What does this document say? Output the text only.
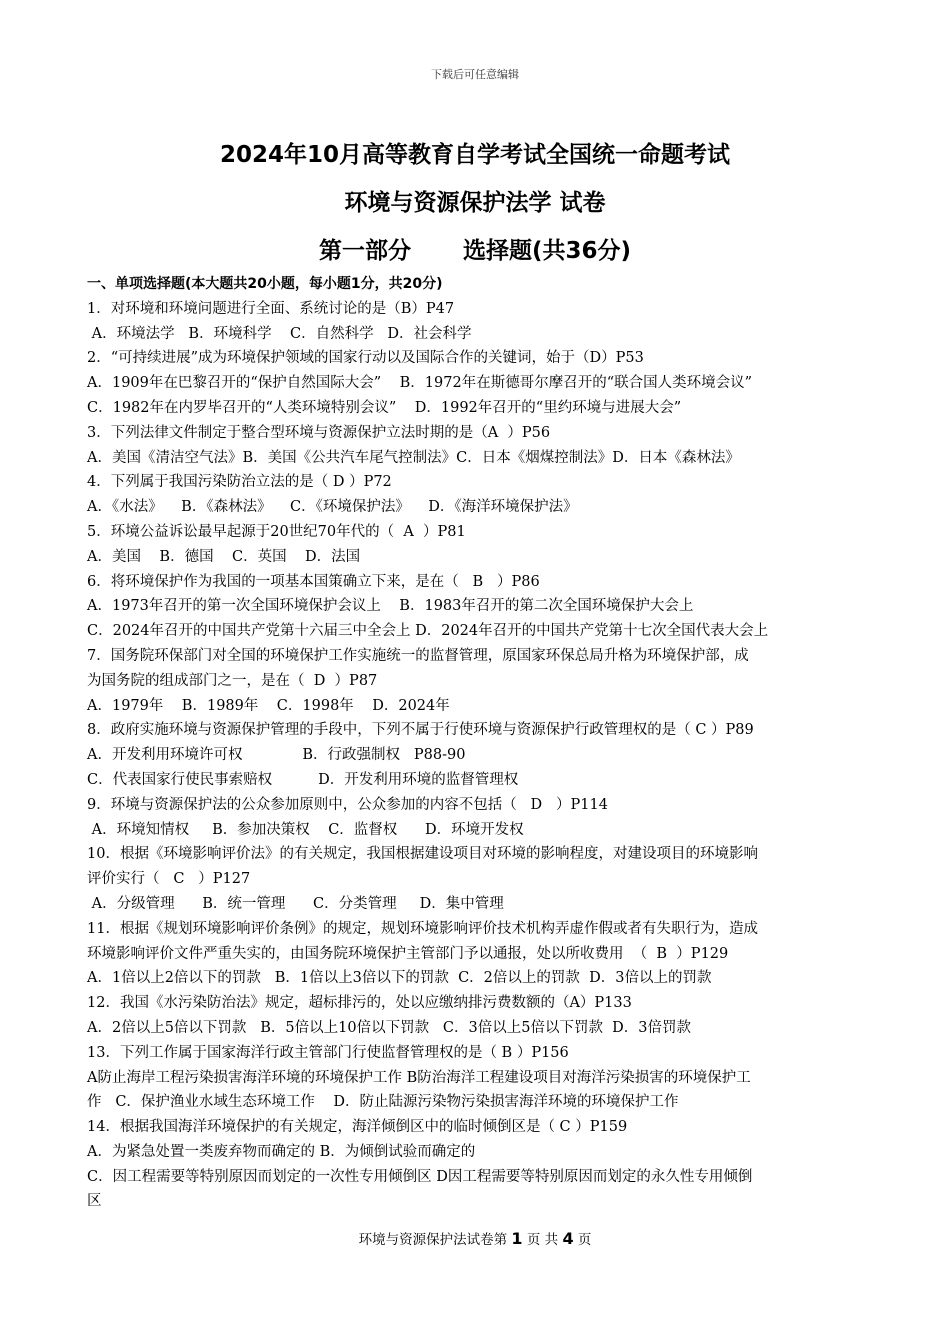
下载后可任意编辑
2024年10月高等教育自学考试全国统一命题考试
环境与资源保护法学 试卷
第一部分 选择题(共36分)
一、单项选择题(本大题共20小题，每小题1分，共20分)
1．对环境和环境问题进行全面、系统讨论的是（B）P47
A．环境法学   B．环境科学    C．自然科学   D．社会科学
2．“可持续进展”成为环境保护领域的国家行动以及国际合作的关键词，始于（D）P53
A．1909年在巴黎召开的“保护自然国际大会”    B．1972年在斯德哥尔摩召开的“联合国人类环境会议”
C．1982年在内罗毕召开的“人类环境特别会议”    D．1992年召开的“里约环境与进展大会”
3．下列法律文件制定于整合型环境与资源保护立法时期的是（A  ）P56
A．美国《清洁空气法》B．美国《公共汽车尾气控制法》C．日本《烟煤控制法》D．日本《森林法》
4．下列属于我国污染防治立法的是（ D ）P72
A．《水法》    B．《森林法》    C．《环境保护法》    D．《海洋环境保护法》
5．环境公益诉讼最早起源于20世纪70年代的（  A  ）P81
A．美国    B．德国    C．英国    D．法国
6．将环境保护作为我国的一项基本国策确立下来，是在（   B   ）P86
A．1973年召开的第一次全国环境保护会议上    B．1983年召开的第二次全国环境保护大会上
C．2024年召开的中国共产党第十六届三中全会上 D．2024年召开的中国共产党第十七次全国代表大会上
7．国务院环保部门对全国的环境保护工作实施统一的监督管理，原国家环保总局升格为环境保护部，成
为国务院的组成部门之一，是在（  D  ）P87
A．1979年    B．1989年    C．1998年    D．2024年
8．政府实施环境与资源保护管理的手段中，下列不属于行使环境与资源保护行政管理权的是（ C ）P89
A．开发利用环境许可权             B．行政强制权   P88-90
C．代表国家行使民事索赔权          D．开发利用环境的监督管理权
9．环境与资源保护法的公众参加原则中，公众参加的内容不包括（   D   ）P114
A．环境知情权     B．参加决策权    C．监督权      D．环境开发权
10．根据《环境影响评价法》的有关规定，我国根据建设项目对环境的影响程度，对建设项目的环境影响
评价实行（   C   ）P127
A．分级管理      B．统一管理      C．分类管理     D．集中管理
11．根据《规划环境影响评价条例》的规定，规划环境影响评价技术机构弄虚作假或者有失职行为，造成
环境影响评价文件严重失实的，由国务院环境保护主管部门予以通报，处以所收费用  （  B  ）P129
A．1倍以上2倍以下的罚款   B．1倍以上3倍以下的罚款  C．2倍以上的罚款  D．3倍以上的罚款
12．我国《水污染防治法》规定，超标排污的，处以应缴纳排污费数额的（A）P133
A．2倍以上5倍以下罚款   B．5倍以上10倍以下罚款   C．3倍以上5倍以下罚款  D．3倍罚款
13．下列工作属于国家海洋行政主管部门行使监督管理权的是（ B ）P156
A防止海岸工程污染损害海洋环境的环境保护工作 B防治海洋工程建设项目对海洋污染损害的环境保护工
作   C．保护渔业水域生态环境工作    D．防止陆源污染物污染损害海洋环境的环境保护工作
14．根据我国海洋环境保护的有关规定，海洋倾倒区中的临时倾倒区是（ C ）P159
A．为紧急处置一类废弃物而确定的 B．为倾倒试验而确定的
C．因工程需要等特别原因而划定的一次性专用倾倒区 D因工程需要等特别原因而划定的永久性专用倾倒
区
环境与资源保护法试卷第 1 页 共 4 页
